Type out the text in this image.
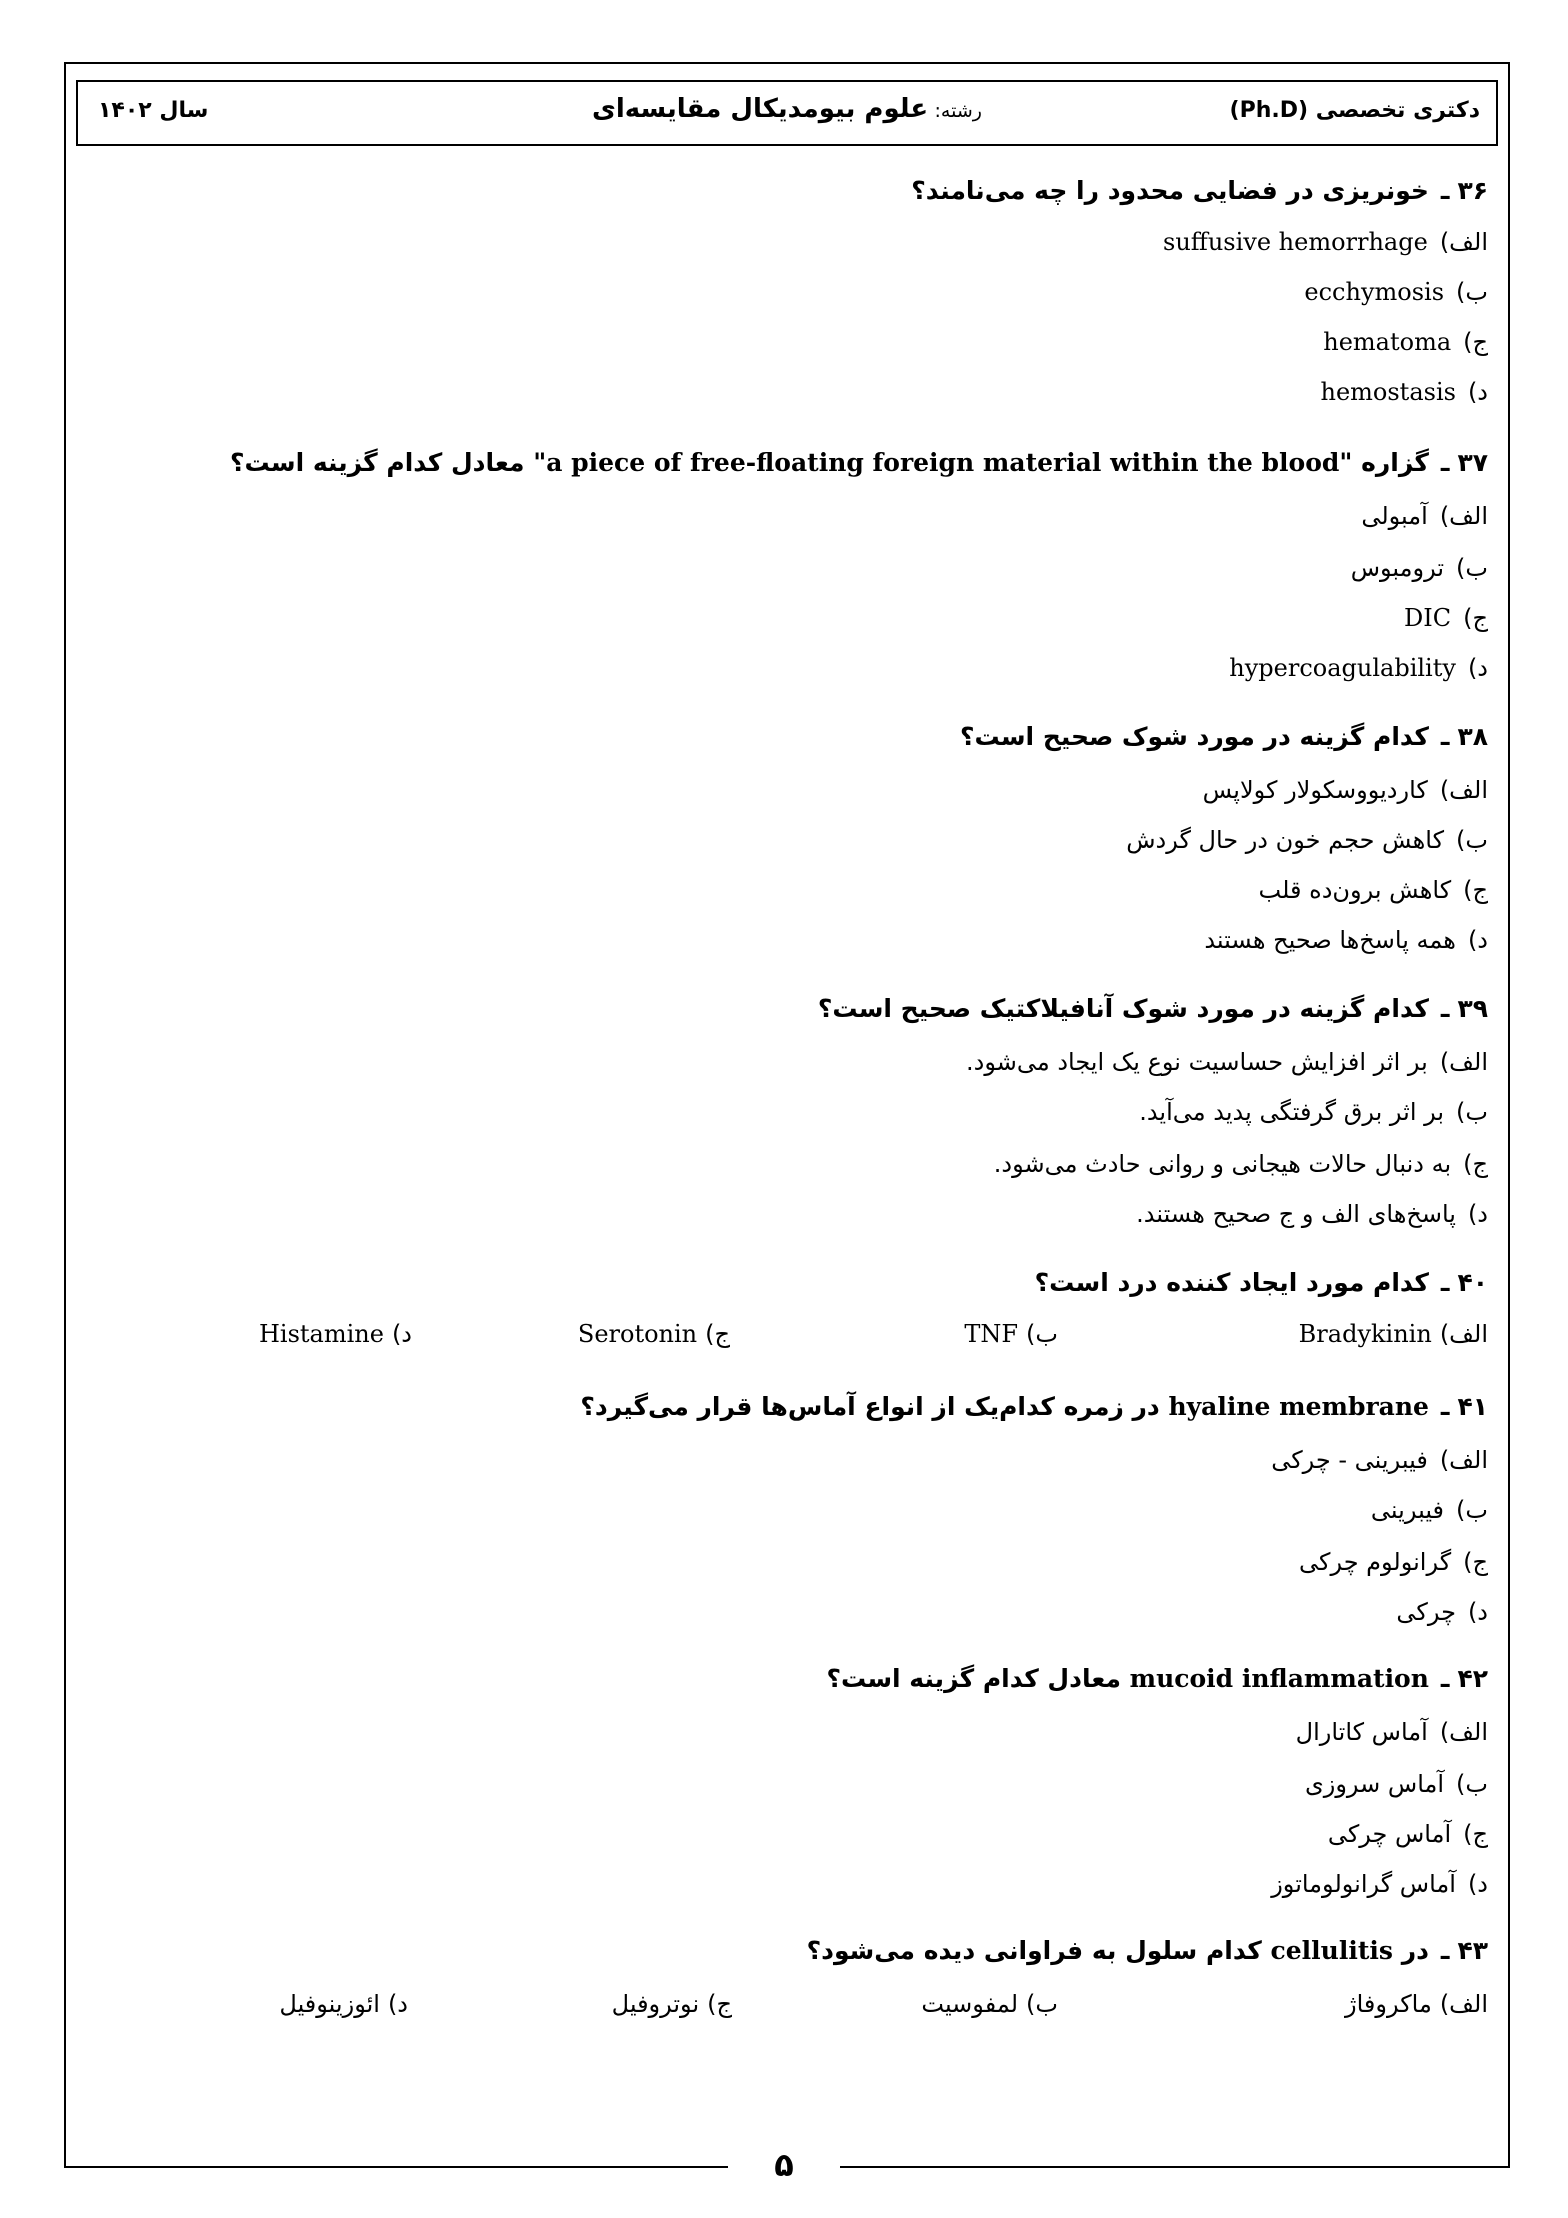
دکتری تخصصی (Ph.D)
رشته: علوم بیومدیکال مقایسه‌ای
سال ۱۴۰۲
۳۶ـخونریزی در فضایی محدود را چه می‌نامند؟
الف)suffusive hemorrhage
ب)ecchymosis
ج)hematoma
د)hemostasis
۳۷ـگزاره "a piece of free-floating foreign material within the blood" معادل کدام گزینه است؟
الف)آمبولی
ب)ترومبوس
ج)DIC
د)hypercoagulability
۳۸ـکدام گزینه در مورد شوک صحیح است؟
الف)کاردیووسکولار کولاپس
ب)کاهش حجم خون در حال گردش
ج)کاهش برون‌ده قلب
د)همه پاسخ‌ها صحیح هستند
۳۹ـکدام گزینه در مورد شوک آنافیلاکتیک صحیح است؟
الف)بر اثر افزایش حساسیت نوع یک ایجاد می‌شود.
ب)بر اثر برق گرفتگی پدید می‌آید.
ج)به دنبال حالات هیجانی و روانی حادث می‌شود.
د)پاسخ‌های الف و ج صحیح هستند.
۴۰ـکدام مورد ایجاد کننده درد است؟
الف)Bradykinin
ب)TNF
ج)Serotonin
د)Histamine
۴۱ـhyaline membrane در زمره کدام‌یک از انواع آماس‌ها قرار می‌گیرد؟
الف)فیبرینی - چرکی
ب)فیبرینی
ج)گرانولوم چرکی
د)چرکی
۴۲ـmucoid inflammation معادل کدام گزینه است؟
الف)آماس کاتارال
ب)آماس سروزی
ج)آماس چرکی
د)آماس گرانولوماتوز
۴۳ـدر cellulitis کدام سلول به فراوانی دیده می‌شود؟
الف)ماکروفاژ
ب)لمفوسیت
ج)نوتروفیل
د)ائوزینوفیل
۵
